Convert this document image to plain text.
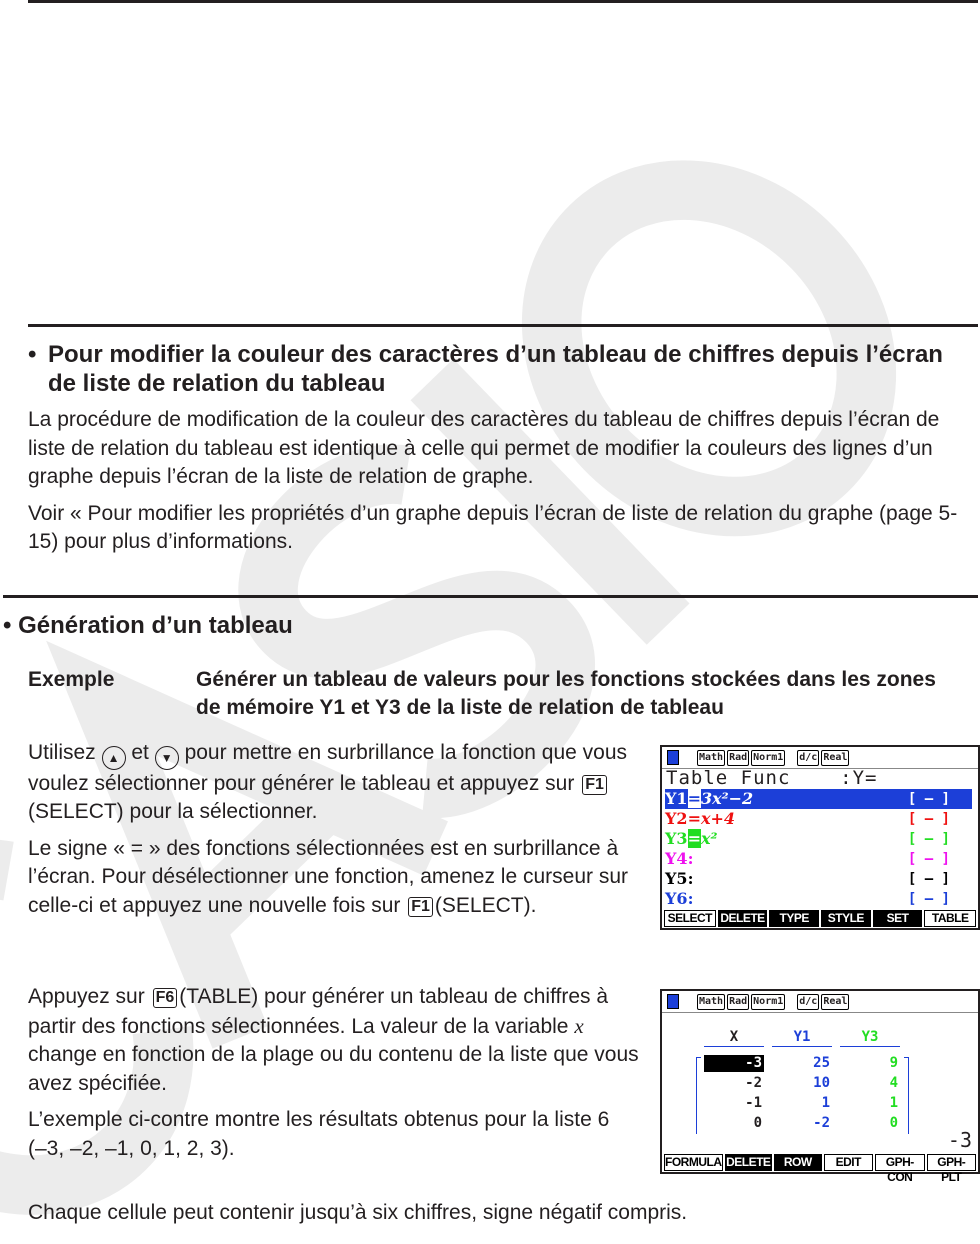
• Pour modifier la couleur des caractères d’un tableau de chiffres depuis l’écran de liste de relation du tableau

La procédure de modification de la couleur des caractères du tableau de chiffres depuis l’écran de liste de relation du tableau est identique à celle qui permet de modifier la couleurs des lignes d’un graphe depuis l’écran de la liste de relation de graphe.

Voir « Pour modifier les propriétés d’un graphe depuis l’écran de liste de relation du graphe (page 5-15) pour plus d’informations.

• Génération d’un tableau
Exemple	Générer un tableau de valeurs pour les fonctions stockées dans les zones de mémoire Y1 et Y3 de la liste de relation de tableau

Utilisez ▲ et ▼ pour mettre en surbrillance la fonction que vous voulez sélectionner pour générer le tableau et appuyez sur F1(SELECT) pour la sélectionner.

Le signe « = » des fonctions sélectionnées est en surbrillance à l’écran. Pour désélectionner une fonction, amenez le curseur sur celle-ci et appuyez une nouvelle fois sur F1 (SELECT).

Appuyez sur F6 (TABLE) pour générer un tableau de chiffres à partir des fonctions sélectionnées. La valeur de la variable x change en fonction de la plage ou du contenu de la liste que vous avez spécifiée.

L’exemple ci-contre montre les résultats obtenus pour la liste 6 (–3, –2, –1, 0, 1, 2, 3).

Chaque cellule peut contenir jusqu’à six chiffres, signe négatif compris.

Math Rad Norm1 d/c Real
Table Func    :Y=
Y1=3x²−2	[ — ]
Y2=x+4	[ — ]
Y3=x²	[ — ]
Y4:	[ — ]
Y5:	[ — ]
Y6:	[ — ]
SELECT DELETE	TYPE	STYLE	SET	TABLE
Math Rad Norm1 d/c Real
X	Y1	Y3
-3	25	9
-2	10	4
-1	1	1
0	-2	0
-3
FORMULA DELETE	ROW	EDIT	GPH-CON
GPH-PLT
